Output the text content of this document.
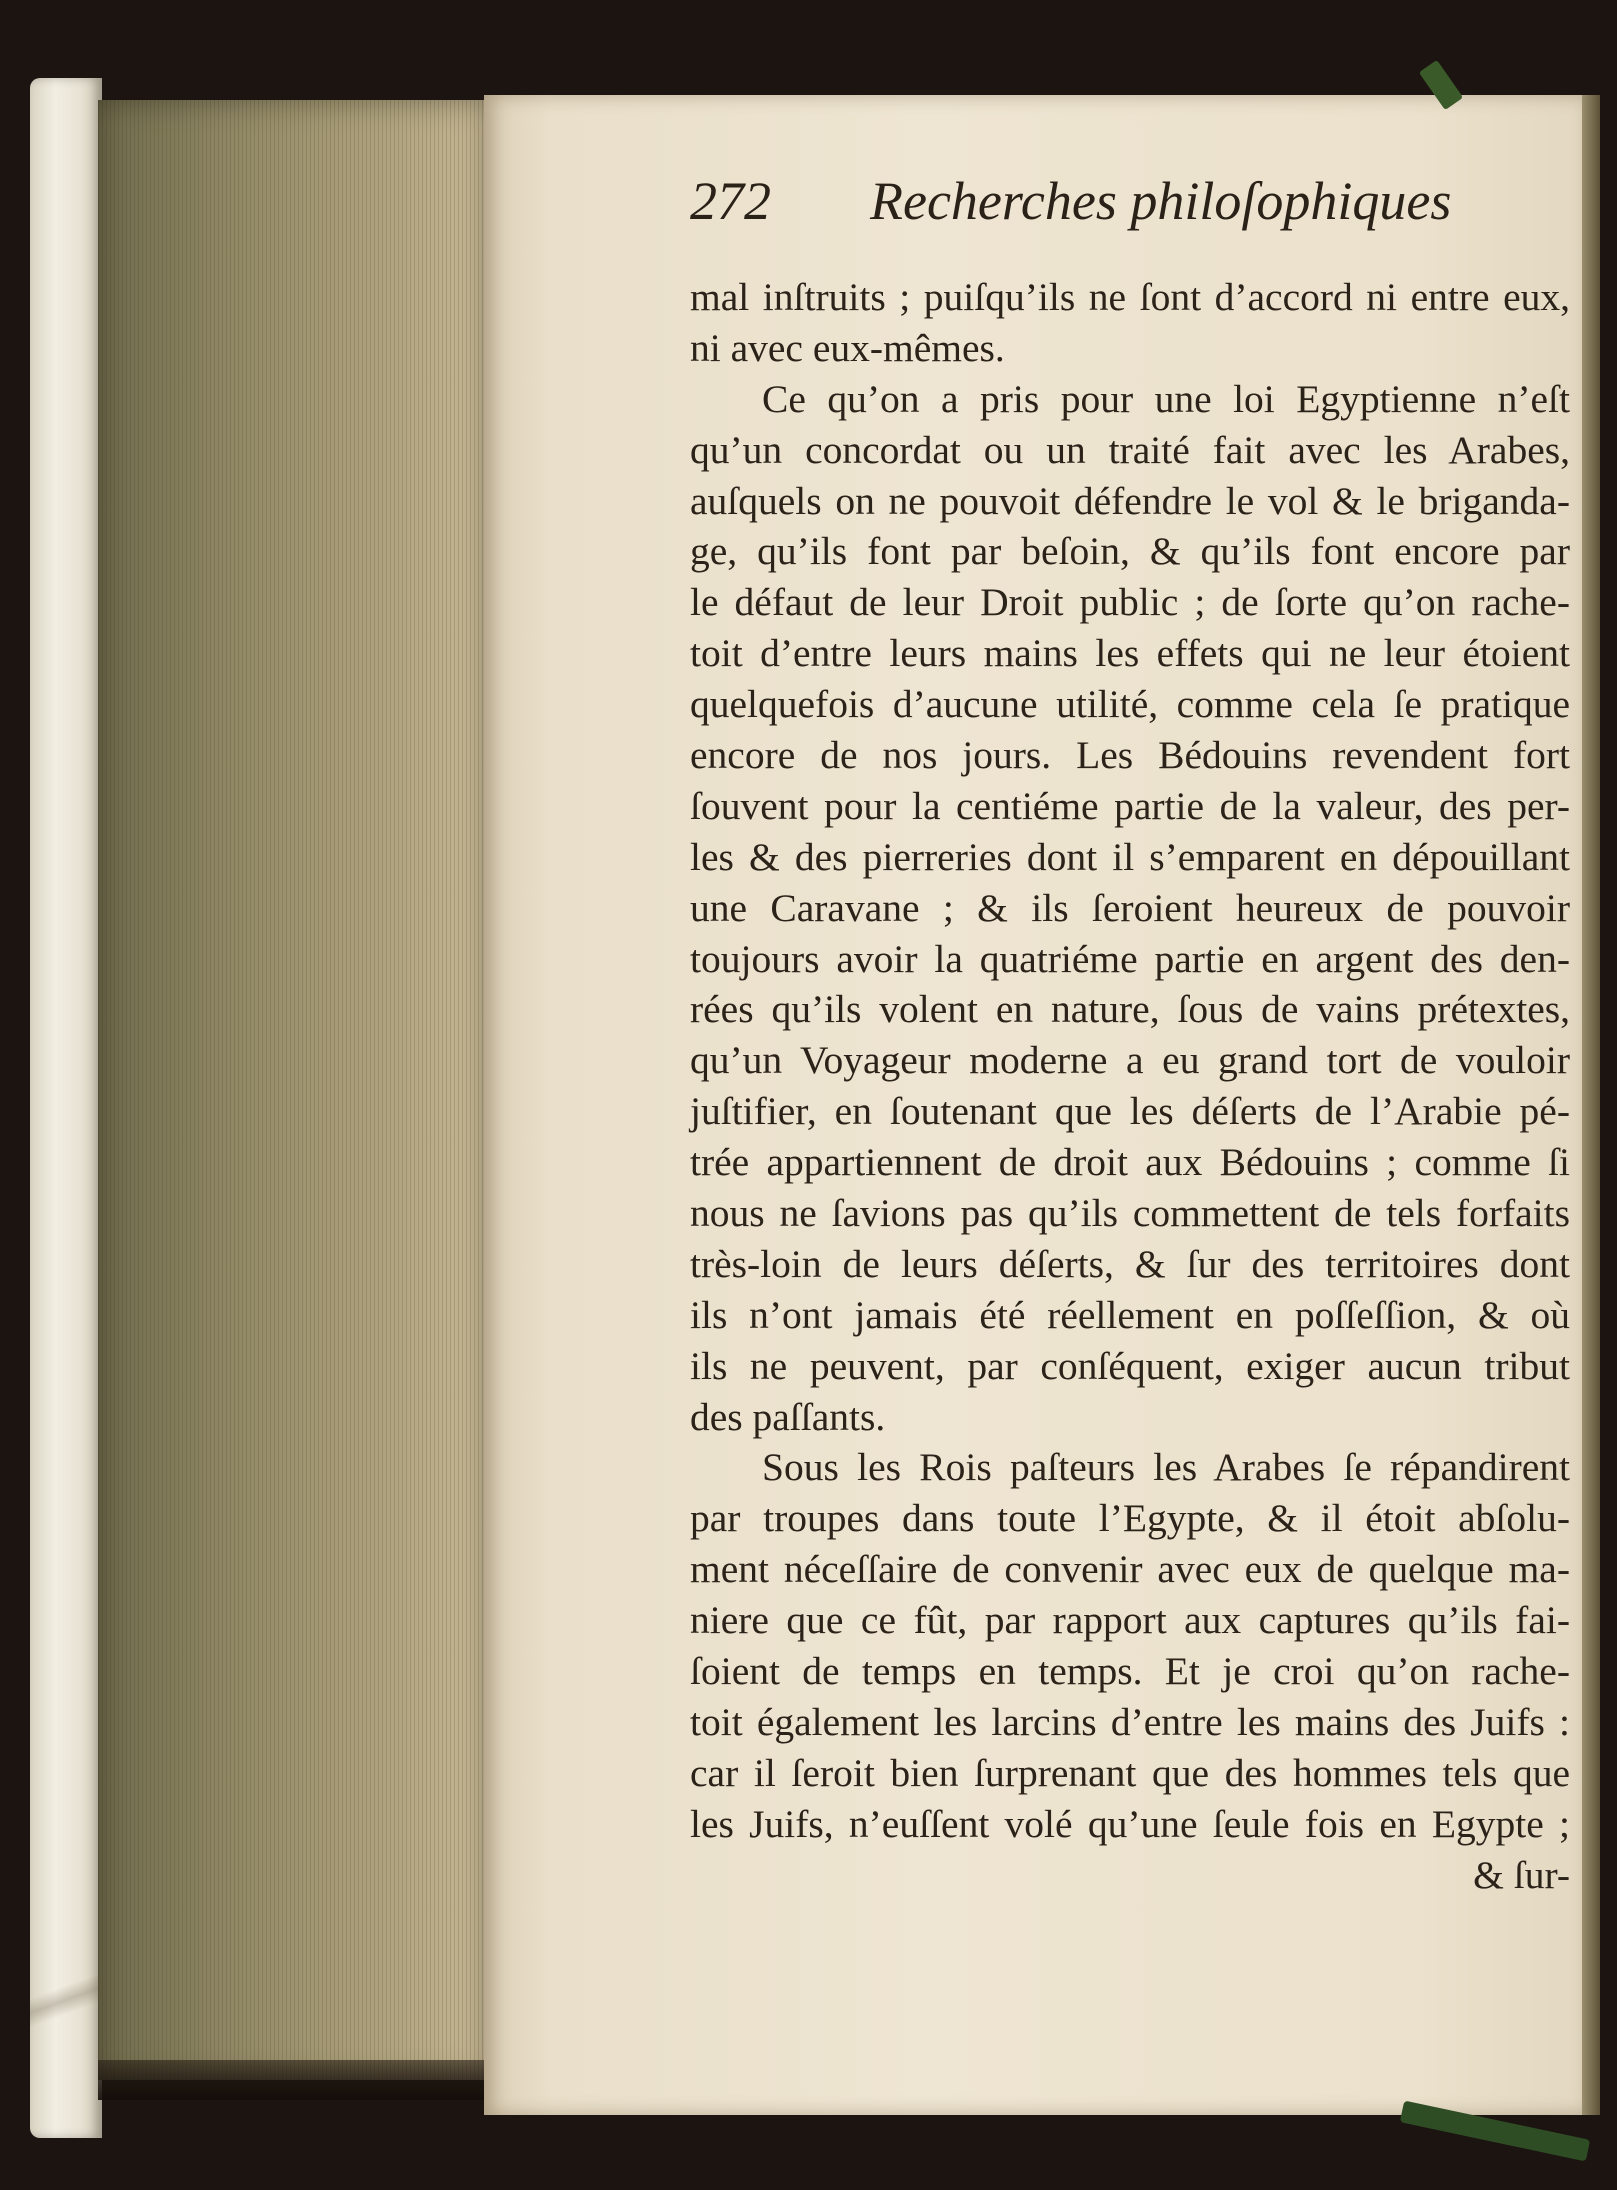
272 Recherches philoſophiques
mal inſtruits ; puiſqu’ils ne ſont d’accord ni entre eux,
ni avec eux-mêmes.
Ce qu’on a pris pour une loi Egyptienne n’eſt
qu’un concordat ou un traité fait avec les Arabes,
auſquels on ne pouvoit défendre le vol & le briganda-
ge, qu’ils font par beſoin, & qu’ils font encore par
le défaut de leur Droit public ; de ſorte qu’on rache-
toit d’entre leurs mains les effets qui ne leur étoient
quelquefois d’aucune utilité, comme cela ſe pratique
encore de nos jours. Les Bédouins revendent fort
ſouvent pour la centiéme partie de la valeur, des per-
les & des pierreries dont il s’emparent en dépouillant
une Caravane ; & ils ſeroient heureux de pouvoir
toujours avoir la quatriéme partie en argent des den-
rées qu’ils volent en nature, ſous de vains prétextes,
qu’un Voyageur moderne a eu grand tort de vouloir
juſtifier, en ſoutenant que les déſerts de l’Arabie pé-
trée appartiennent de droit aux Bédouins ; comme ſi
nous ne ſavions pas qu’ils commettent de tels forfaits
très-loin de leurs déſerts, & ſur des territoires dont
ils n’ont jamais été réellement en poſſeſſion, & où
ils ne peuvent, par conſéquent, exiger aucun tribut
des paſſants.
Sous les Rois paſteurs les Arabes ſe répandirent
par troupes dans toute l’Egypte, & il étoit abſolu-
ment néceſſaire de convenir avec eux de quelque ma-
niere que ce fût, par rapport aux captures qu’ils fai-
ſoient de temps en temps. Et je croi qu’on rache-
toit également les larcins d’entre les mains des Juifs :
car il ſeroit bien ſurprenant que des hommes tels que
les Juifs, n’euſſent volé qu’une ſeule fois en Egypte ;
& ſur-
